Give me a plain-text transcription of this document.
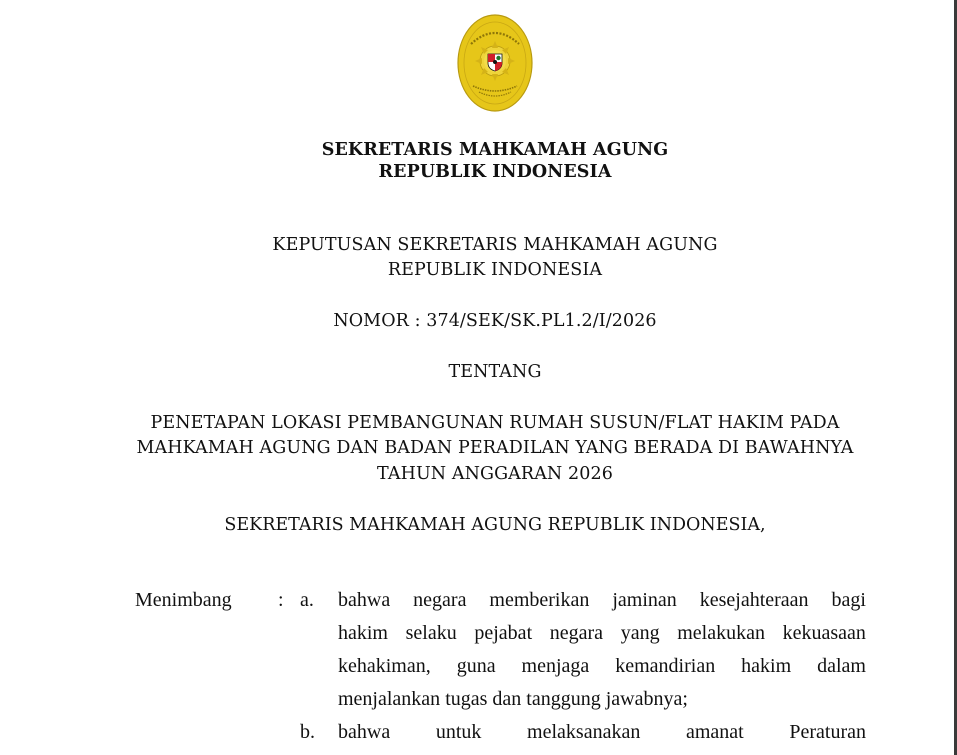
SEKRETARIS MAHKAMAH AGUNG
REPUBLIK INDONESIA
KEPUTUSAN SEKRETARIS MAHKAMAH AGUNG
REPUBLIK INDONESIA
NOMOR : 374/SEK/SK.PL1.2/I/2026
TENTANG
PENETAPAN LOKASI PEMBANGUNAN RUMAH SUSUN/FLAT HAKIM PADA
MAHKAMAH AGUNG DAN BADAN PERADILAN YANG BERADA DI BAWAHNYA
TAHUN ANGGARAN 2026
SEKRETARIS MAHKAMAH AGUNG REPUBLIK INDONESIA,
Menimbang : a. bahwa negara memberikan jaminan kesejahteraan bagi
hakim selaku pejabat negara yang melakukan kekuasaan
kehakiman, guna menjaga kemandirian hakim dalam
menjalankan tugas dan tanggung jawabnya;
b. bahwa untuk melaksanakan amanat Peraturan
